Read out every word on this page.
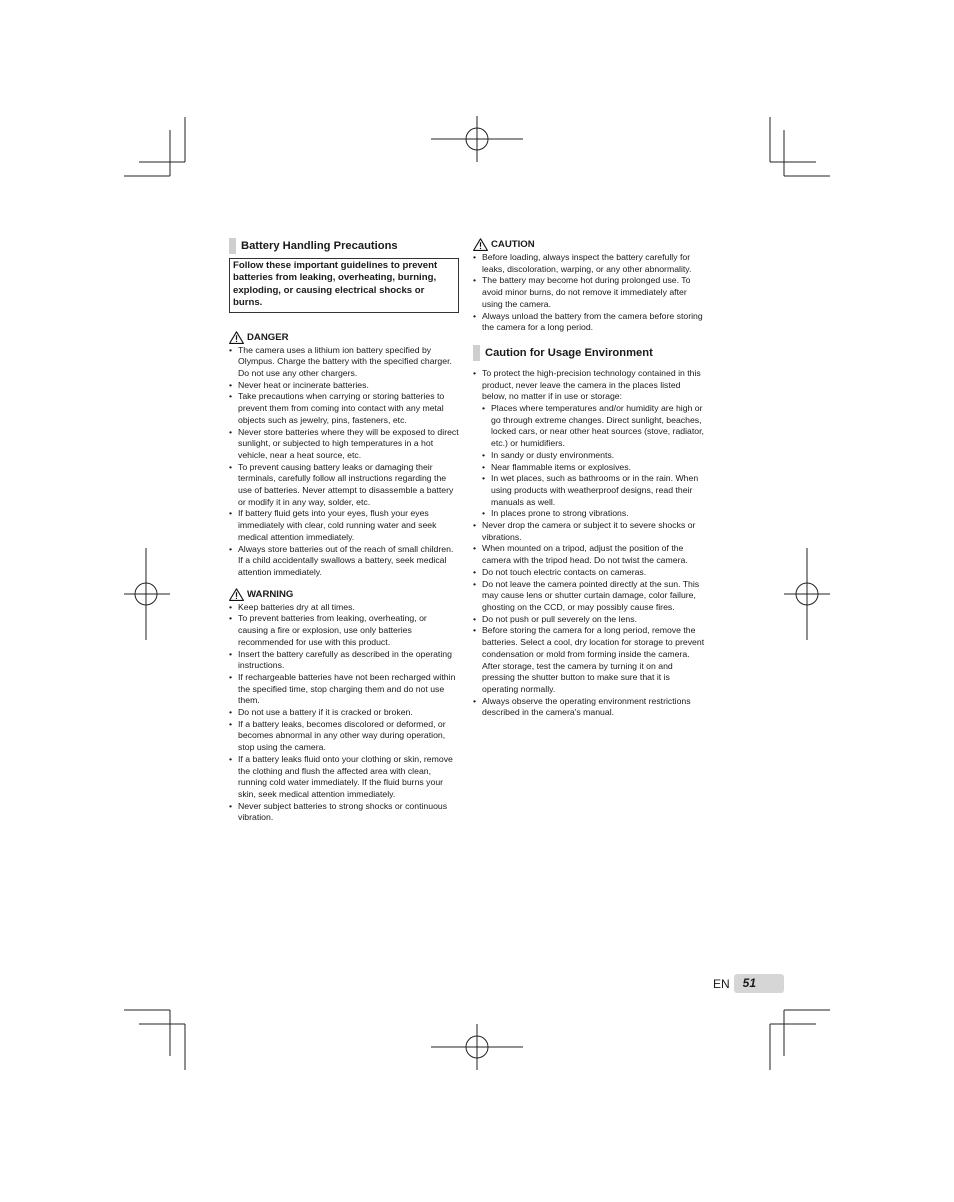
Battery Handling Precautions
Follow these important guidelines to prevent batteries from leaking, overheating, burning, exploding, or causing electrical shocks or burns.
DANGER
• The camera uses a lithium ion battery specified by Olympus. Charge the battery with the specified charger. Do not use any other chargers.
• Never heat or incinerate batteries.
• Take precautions when carrying or storing batteries to prevent them from coming into contact with any metal objects such as jewelry, pins, fasteners, etc.
• Never store batteries where they will be exposed to direct sunlight, or subjected to high temperatures in a hot vehicle, near a heat source, etc.
• To prevent causing battery leaks or damaging their terminals, carefully follow all instructions regarding the use of batteries. Never attempt to disassemble a battery or modify it in any way, solder, etc.
• If battery fluid gets into your eyes, flush your eyes immediately with clear, cold running water and seek medical attention immediately.
• Always store batteries out of the reach of small children. If a child accidentally swallows a battery, seek medical attention immediately.
WARNING
• Keep batteries dry at all times.
• To prevent batteries from leaking, overheating, or causing a fire or explosion, use only batteries recommended for use with this product.
• Insert the battery carefully as described in the operating instructions.
• If rechargeable batteries have not been recharged within the specified time, stop charging them and do not use them.
• Do not use a battery if it is cracked or broken.
• If a battery leaks, becomes discolored or deformed, or becomes abnormal in any other way during operation, stop using the camera.
• If a battery leaks fluid onto your clothing or skin, remove the clothing and flush the affected area with clean, running cold water immediately. If the fluid burns your skin, seek medical attention immediately.
• Never subject batteries to strong shocks or continuous vibration.
CAUTION
• Before loading, always inspect the battery carefully for leaks, discoloration, warping, or any other abnormality.
• The battery may become hot during prolonged use. To avoid minor burns, do not remove it immediately after using the camera.
• Always unload the battery from the camera before storing the camera for a long period.
Caution for Usage Environment
• To protect the high-precision technology contained in this product, never leave the camera in the places listed below, no matter if in use or storage:
• Places where temperatures and/or humidity are high or go through extreme changes. Direct sunlight, beaches, locked cars, or near other heat sources (stove, radiator, etc.) or humidifiers.
• In sandy or dusty environments.
• Near flammable items or explosives.
• In wet places, such as bathrooms or in the rain. When using products with weatherproof designs, read their manuals as well.
• In places prone to strong vibrations.
• Never drop the camera or subject it to severe shocks or vibrations.
• When mounted on a tripod, adjust the position of the camera with the tripod head. Do not twist the camera.
• Do not touch electric contacts on cameras.
• Do not leave the camera pointed directly at the sun. This may cause lens or shutter curtain damage, color failure, ghosting on the CCD, or may possibly cause fires.
• Do not push or pull severely on the lens.
• Before storing the camera for a long period, remove the batteries. Select a cool, dry location for storage to prevent condensation or mold from forming inside the camera. After storage, test the camera by turning it on and pressing the shutter button to make sure that it is operating normally.
• Always observe the operating environment restrictions described in the camera's manual.
EN	51
